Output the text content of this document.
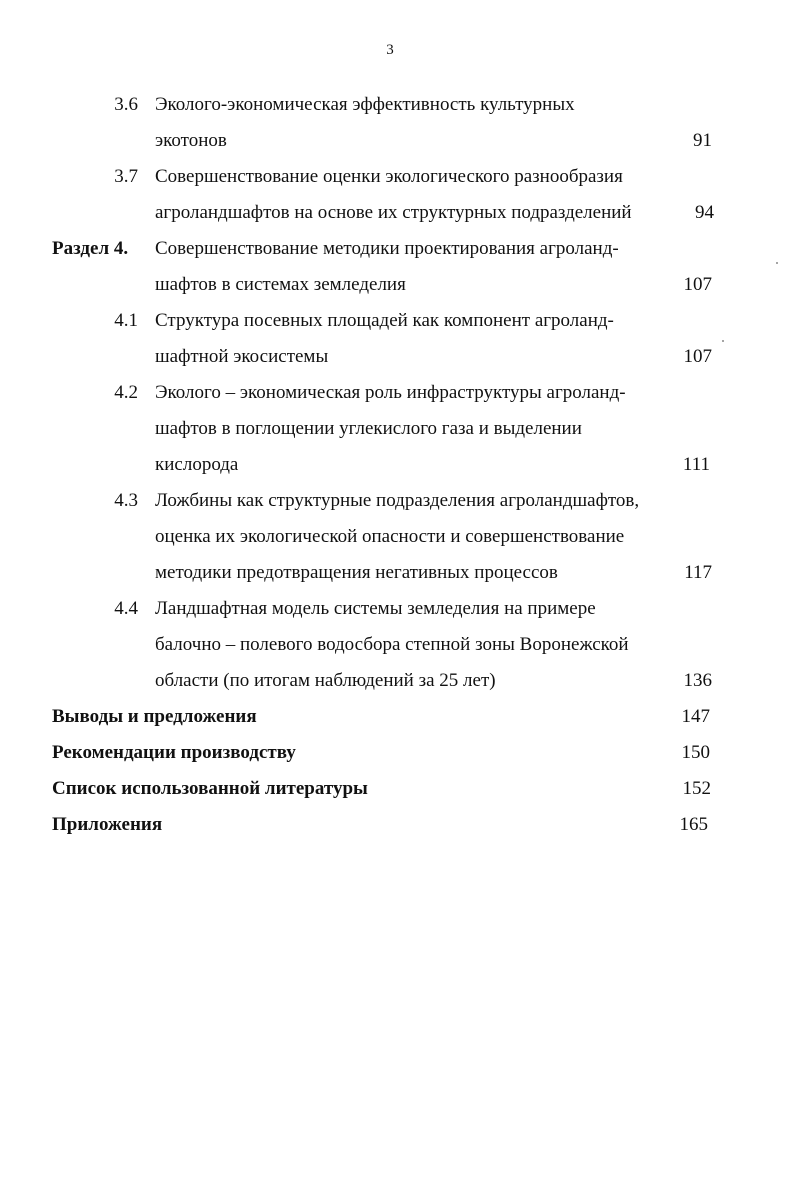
3
3.6 Эколого-экономическая эффективность культурных
экотонов	91
3.7 Совершенствование оценки экологического разнообразия
агроландшафтов на основе их структурных подразделений	94
Раздел 4. Совершенствование методики проектирования агроланд-
шафтов в системах земледелия	107
4.1 Структура посевных площадей как компонент агроланд-
шафтной экосистемы	107
4.2 Эколого – экономическая роль инфраструктуры агроланд-
шафтов в поглощении углекислого газа и выделении
кислорода	111
4.3 Ложбины как структурные подразделения агроландшафтов,
оценка их экологической опасности и совершенствование
методики предотвращения негативных процессов	117
4.4 Ландшафтная модель системы земледелия на примере
балочно – полевого водосбора степной зоны Воронежской
области (по итогам наблюдений за 25 лет)	136
Выводы и предложения	147
Рекомендации производству	150
Список использованной литературы	152
Приложения	165
